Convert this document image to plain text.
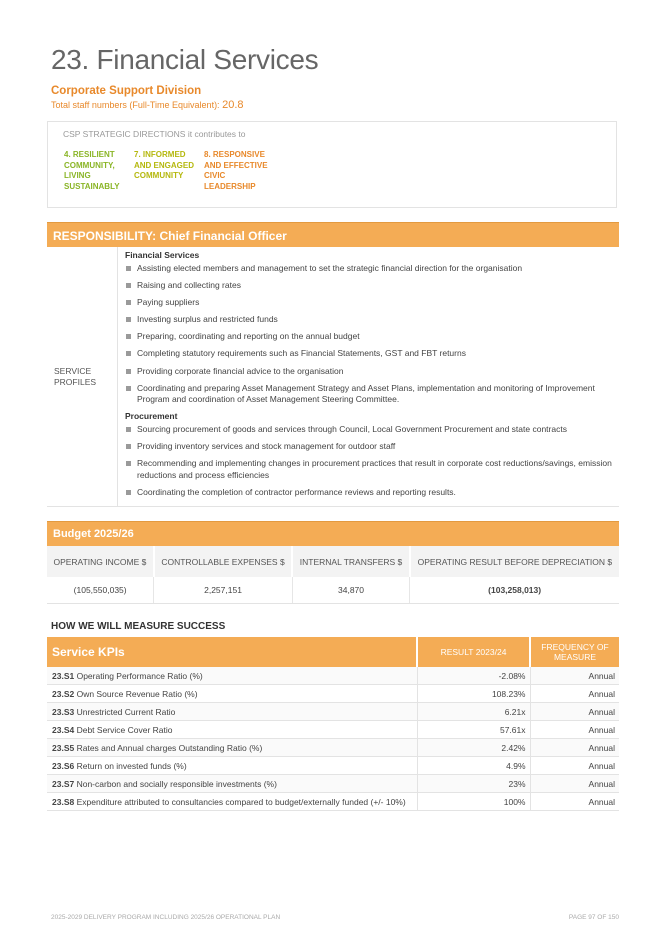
23. Financial Services
Corporate Support Division
Total staff numbers (Full-Time Equivalent): 20.8
CSP STRATEGIC DIRECTIONS it contributes to
4. RESILIENT COMMUNITY, LIVING SUSTAINABLY
7. INFORMED AND ENGAGED COMMUNITY
8. RESPONSIVE AND EFFECTIVE CIVIC LEADERSHIP
RESPONSIBILITY: Chief Financial Officer
SERVICE PROFILES
Financial Services
Assisting elected members and management to set the strategic financial direction for the organisation
Raising and collecting rates
Paying suppliers
Investing surplus and restricted funds
Preparing, coordinating and reporting on the annual budget
Completing statutory requirements such as Financial Statements, GST and FBT returns
Providing corporate financial advice to the organisation
Coordinating and preparing Asset Management Strategy and Asset Plans, implementation and monitoring of Improvement Program and coordination of Asset Management Steering Committee.
Procurement
Sourcing procurement of goods and services through Council, Local Government Procurement and state contracts
Providing inventory services and stock management for outdoor staff
Recommending and implementing changes in procurement practices that result in corporate cost reductions/savings, emission reductions and process efficiencies
Coordinating the completion of contractor performance reviews and reporting results.
Budget 2025/26
OPERATING INCOME $	CONTROLLABLE EXPENSES $	INTERNAL TRANSFERS $	OPERATING RESULT BEFORE DEPRECIATION $
(105,550,035)	2,257,151	34,870	(103,258,013)
HOW WE WILL MEASURE SUCCESS
Service KPIs	RESULT 2023/24	FREQUENCY OF MEASURE
23.S1 Operating Performance Ratio (%)	-2.08%	Annual
23.S2 Own Source Revenue Ratio (%)	108.23%	Annual
23.S3 Unrestricted Current Ratio	6.21x	Annual
23.S4 Debt Service Cover Ratio	57.61x	Annual
23.S5 Rates and Annual charges Outstanding Ratio (%)	2.42%	Annual
23.S6 Return on invested funds (%)	4.9%	Annual
23.S7 Non-carbon and socially responsible investments (%)	23%	Annual
23.S8 Expenditure attributed to consultancies compared to budget/externally funded (+/- 10%)	100%	Annual
2025-2029 DELIVERY PROGRAM INCLUDING 2025/26 OPERATIONAL PLAN	PAGE 97 OF 150
